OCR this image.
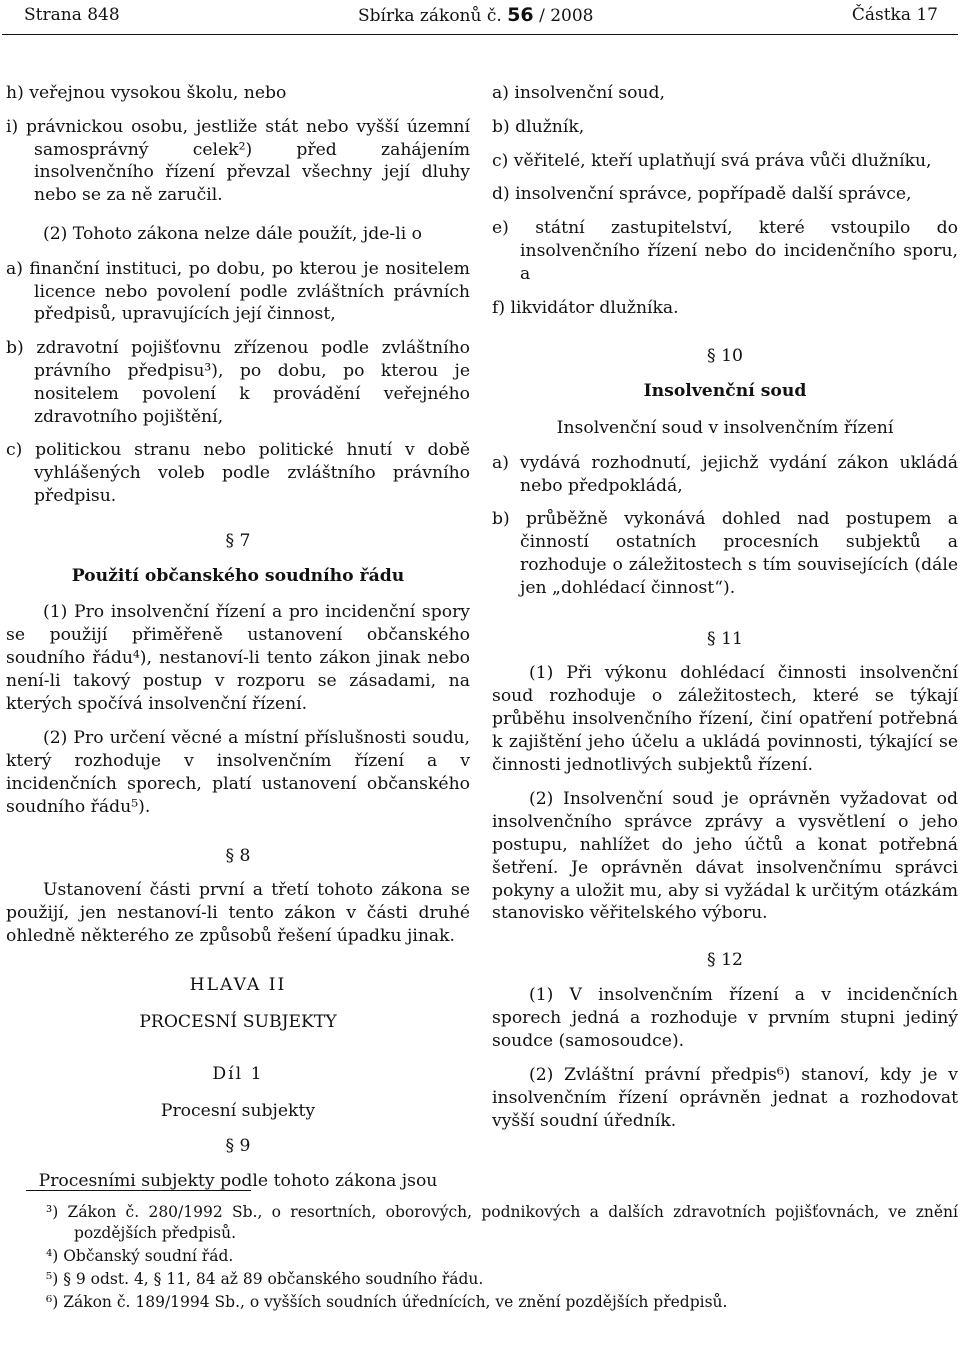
Strana 848	Sbírka zákonů č. 56 / 2008	Částka 17

h) veřejnou vysokou školu, nebo

i) právnickou osobu, jestliže stát nebo vyšší územní samosprávný celek²) před zahájením insolvenčního řízení převzal všechny její dluhy nebo se za ně zaručil.

(2) Tohoto zákona nelze dále použít, jde-li o

a) finanční instituci, po dobu, po kterou je nositelem licence nebo povolení podle zvláštních právních předpisů, upravujících její činnost,

b) zdravotní pojišťovnu zřízenou podle zvláštního právního předpisu³), po dobu, po kterou je nositelem povolení k provádění veřejného zdravotního pojištění,

c) politickou stranu nebo politické hnutí v době vyhlášených voleb podle zvláštního právního předpisu.

§ 7

Použití občanského soudního řádu

(1) Pro insolvenční řízení a pro incidenční spory se použijí přiměřeně ustanovení občanského soudního řádu⁴), nestanoví-li tento zákon jinak nebo není-li takový postup v rozporu se zásadami, na kterých spočívá insolvenční řízení.

(2) Pro určení věcné a místní příslušnosti soudu, který rozhoduje v insolvenčním řízení a v incidenčních sporech, platí ustanovení občanského soudního řádu⁵).

§ 8

Ustanovení části první a třetí tohoto zákona se použijí, jen nestanoví-li tento zákon v části druhé ohledně některého ze způsobů řešení úpadku jinak.

HLAVA II

PROCESNÍ SUBJEKTY

Díl 1

Procesní subjekty

§ 9

Procesními subjekty podle tohoto zákona jsou

a) insolvenční soud,

b) dlužník,

c) věřitelé, kteří uplatňují svá práva vůči dlužníku,

d) insolvenční správce, popřípadě další správce,

e) státní zastupitelství, které vstoupilo do insolvenčního řízení nebo do incidenčního sporu, a

f) likvidátor dlužníka.

§ 10

Insolvenční soud

Insolvenční soud v insolvenčním řízení

a) vydává rozhodnutí, jejichž vydání zákon ukládá nebo předpokládá,

b) průběžně vykonává dohled nad postupem a činností ostatních procesních subjektů a rozhoduje o záležitostech s tím souvisejících (dále jen „dohlédací činnost“).

§ 11

(1) Při výkonu dohlédací činnosti insolvenční soud rozhoduje o záležitostech, které se týkají průběhu insolvenčního řízení, činí opatření potřebná k zajištění jeho účelu a ukládá povinnosti, týkající se činnosti jednotlivých subjektů řízení.

(2) Insolvenční soud je oprávněn vyžadovat od insolvenčního správce zprávy a vysvětlení o jeho postupu, nahlížet do jeho účtů a konat potřebná šetření. Je oprávněn dávat insolvenčnímu správci pokyny a uložit mu, aby si vyžádal k určitým otázkám stanovisko věřitelského výboru.

§ 12

(1) V insolvenčním řízení a v incidenčních sporech jedná a rozhoduje v prvním stupni jediný soudce (samosoudce).

(2) Zvláštní právní předpis⁶) stanoví, kdy je v insolvenčním řízení oprávněn jednat a rozhodovat vyšší soudní úředník.

³) Zákon č. 280/1992 Sb., o resortních, oborových, podnikových a dalších zdravotních pojišťovnách, ve znění pozdějších předpisů.

⁴) Občanský soudní řád.

⁵) § 9 odst. 4, § 11, 84 až 89 občanského soudního řádu.

⁶) Zákon č. 189/1994 Sb., o vyšších soudních úřednících, ve znění pozdějších předpisů.
